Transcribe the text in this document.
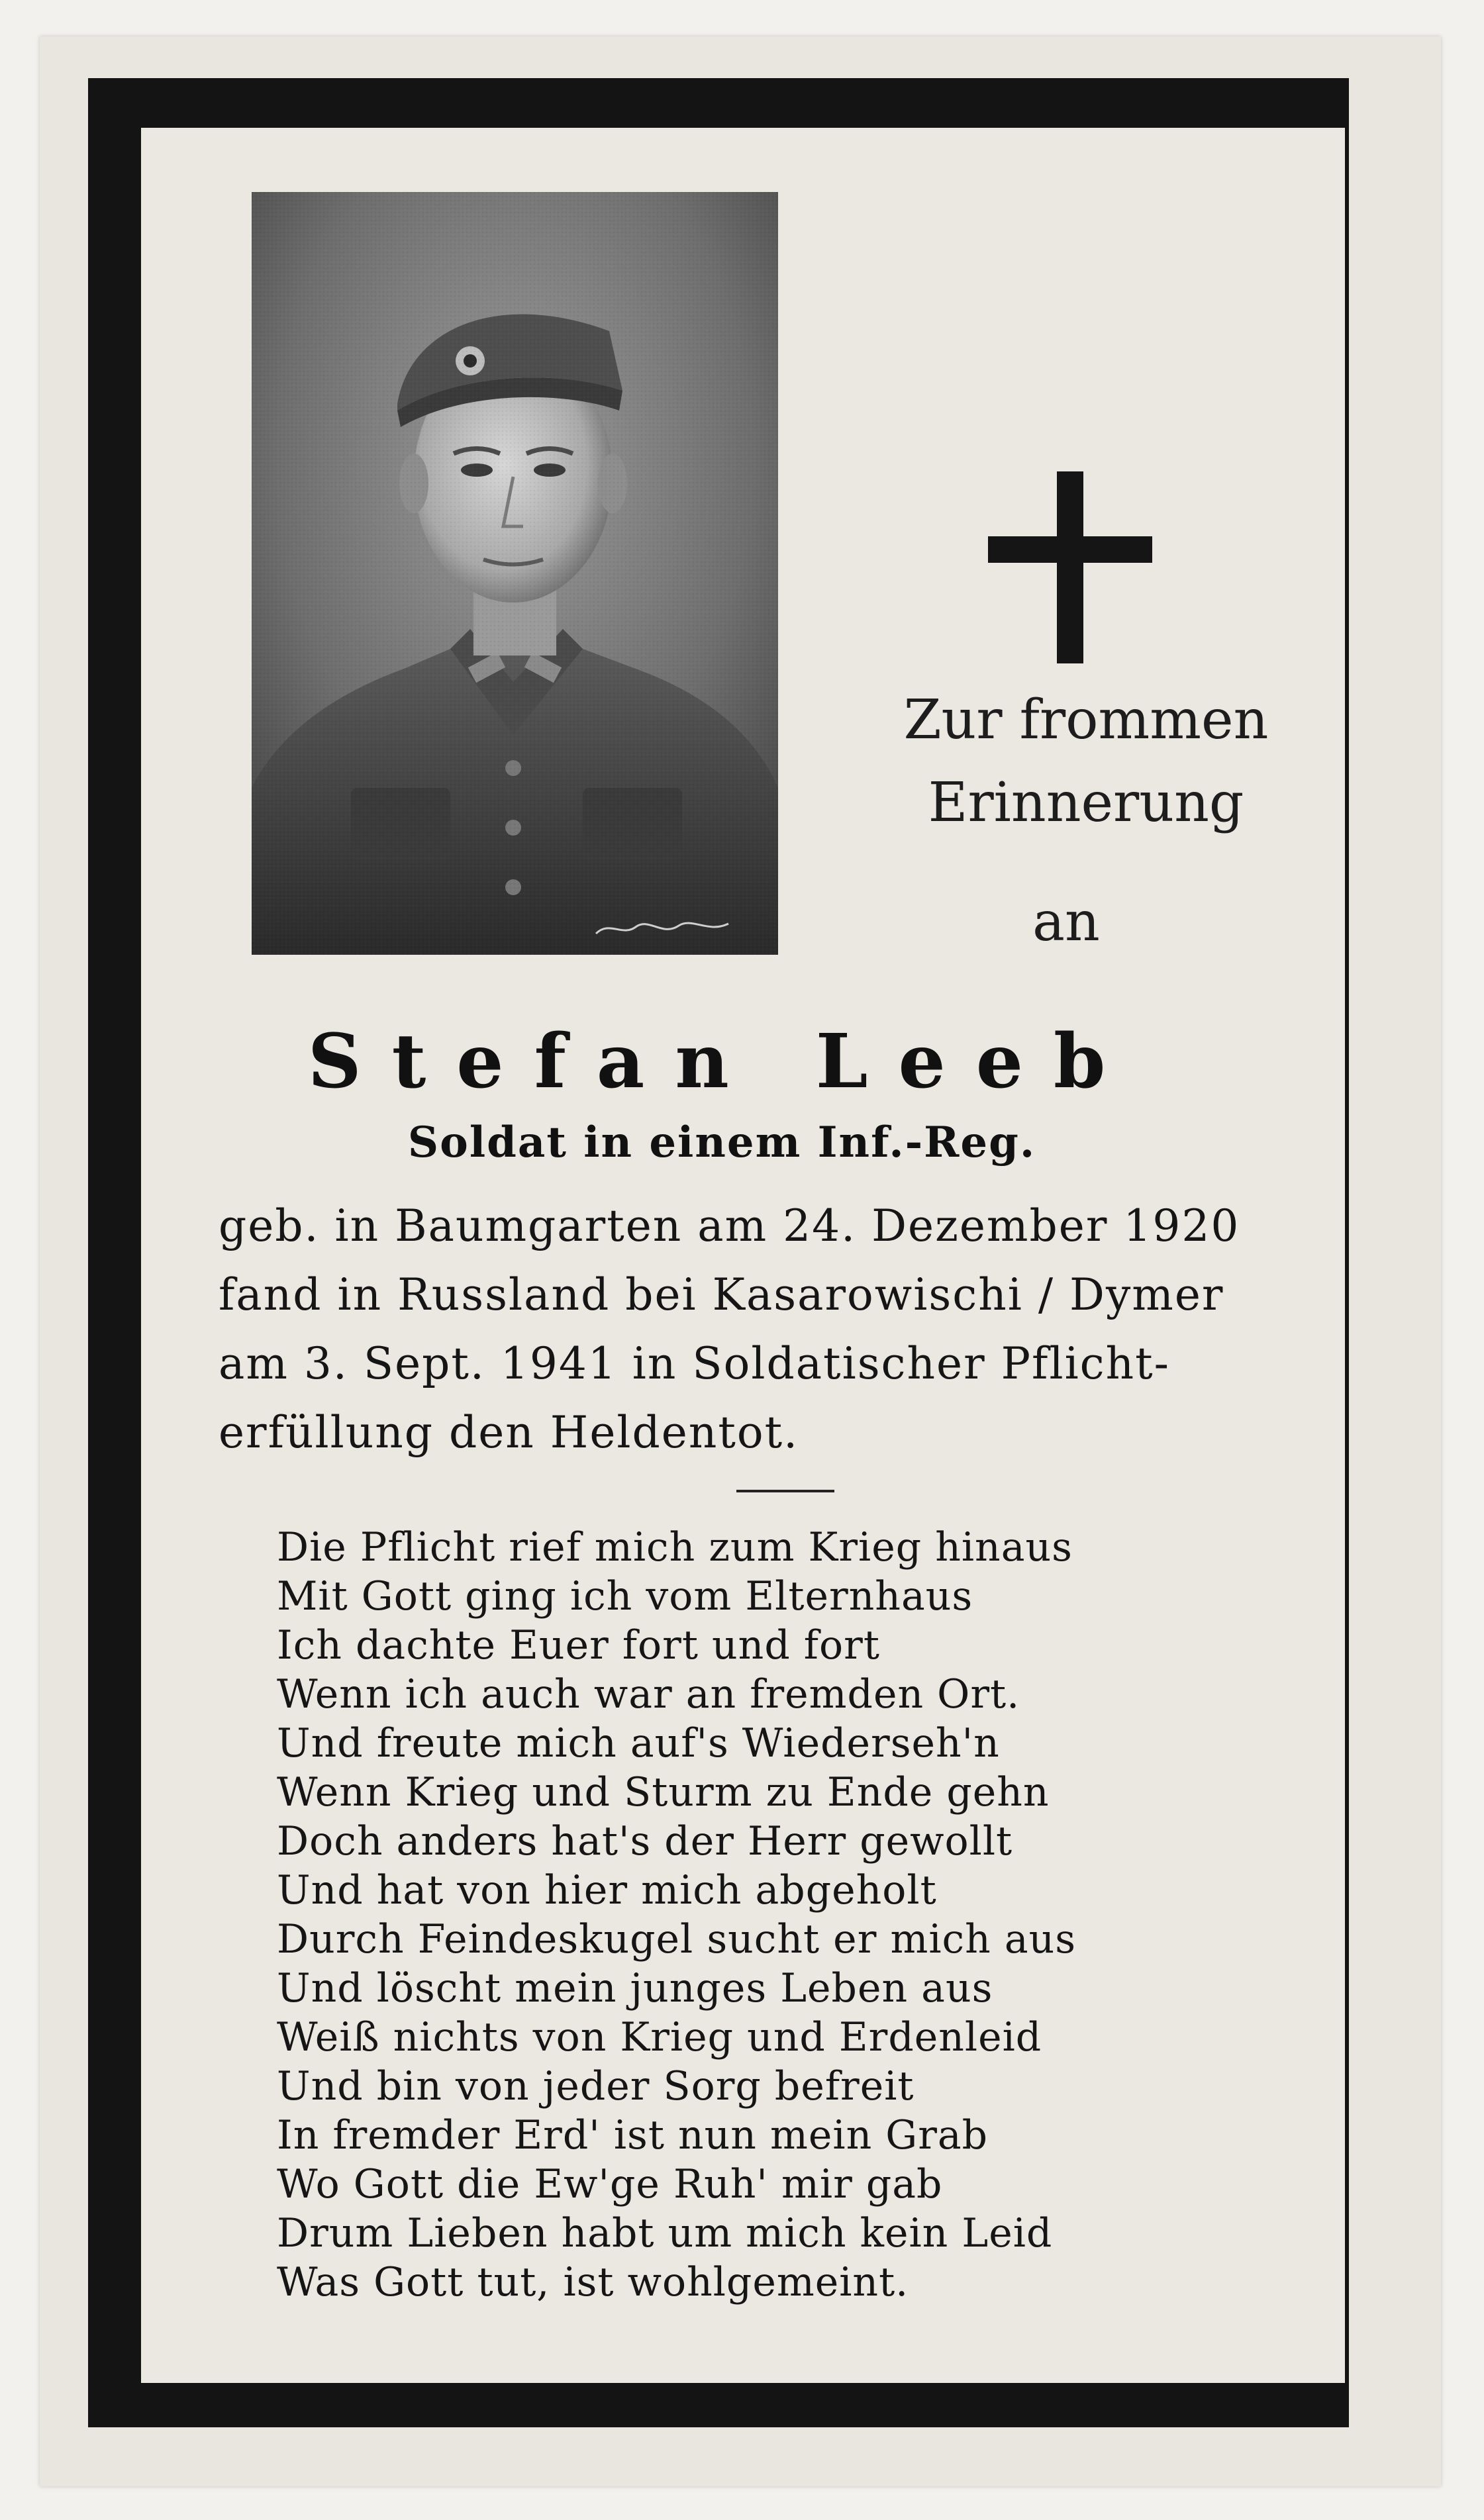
Zur frommen
Erinnerung
an
Stefan Leeb
Soldat in einem Inf.-Reg.
geb. in Baumgarten am 24. Dezember 1920
fand in Russland bei Kasarowischi / Dymer
am 3. Sept. 1941 in Soldatischer Pflicht-
erfüllung den Heldentot.
Die Pflicht rief mich zum Krieg hinaus
Mit Gott ging ich vom Elternhaus
Ich dachte Euer fort und fort
Wenn ich auch war an fremden Ort.
Und freute mich auf's Wiederseh'n
Wenn Krieg und Sturm zu Ende gehn
Doch anders hat's der Herr gewollt
Und hat von hier mich abgeholt
Durch Feindeskugel sucht er mich aus
Und löscht mein junges Leben aus
Weiß nichts von Krieg und Erdenleid
Und bin von jeder Sorg befreit
In fremder Erd' ist nun mein Grab
Wo Gott die Ew'ge Ruh' mir gab
Drum Lieben habt um mich kein Leid
Was Gott tut, ist wohlgemeint.
